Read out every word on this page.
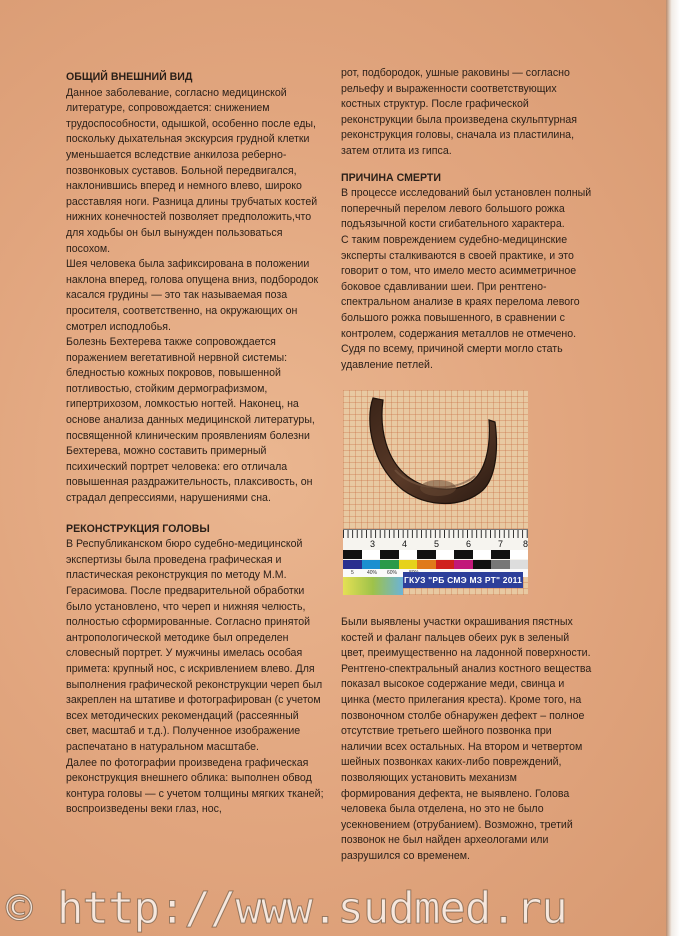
ОБЩИЙ ВНЕШНИЙ ВИД

Данное заболевание, согласно медицинской литературе, сопровождается: снижением трудоспособности, одышкой, особенно после еды, поскольку дыхательная экскурсия грудной клетки уменьшается вследствие анкилоза реберно-позвонковых суставов. Больной передвигался, наклонившись вперед и немного влево, широко расставляя ноги. Разница длины трубчатых костей нижних конечностей позволяет предположить,что для ходьбы он был вынужден пользоваться посохом.

Шея человека была зафиксирована в положении наклона вперед, голова опущена вниз, подбородок касался грудины — это так называемая поза просителя, соответственно, на окружающих он смотрел исподлобья.

Болезнь Бехтерева также сопровождается поражением вегетативной нервной системы: бледностью кожных покровов, повышенной потливостью, стойким дермографизмом, гипертрихозом, ломкостью ногтей. Наконец, на основе анализа данных медицинской литературы, посвященной клиническим проявлениям болезни Бехтерева, можно составить примерный психический портрет человека: его отличала повышенная раздражительность, плаксивость, он страдал депрессиями, нарушениями сна.

РЕКОНСТРУКЦИЯ ГОЛОВЫ

В Республиканском бюро судебно-медицинской экспертизы была проведена графическая и пластическая реконструкция по методу М.М. Герасимова. После предварительной обработки было установлено, что череп и нижняя челюсть, полностью сформированные. Согласно принятой антропологической методике был определен словесный портрет. У мужчины имелась особая примета: крупный нос, с искривлением влево. Для выполнения графической реконструкции череп был закреплен на штативе и фотографирован (с учетом всех методических рекомендаций (рассеянный свет, масштаб и т.д.). Полученное изображение распечатано в натуральном масштабе.

Далее по фотографии произведена графическая реконструкция внешнего облика: выполнен обвод контура головы — с учетом толщины мягких тканей; воспроизведены веки глаз, нос,

рот, подбородок, ушные раковины — согласно рельефу и выраженности соответствующих костных структур. После графической реконструкции была произведена скульптурная реконструкция головы, сначала из пластилина, затем отлита из гипса.

ПРИЧИНА СМЕРТИ

В процессе исследований был установлен полный поперечный перелом левого большого рожка подъязычной кости сгибательного характера.

С таким повреждением судебно-медицинские эксперты сталкиваются в своей практике, и это говорит о том, что имело место асимметричное боковое сдавливании шеи. При рентгено-спектральном анализе в краях перелома левого большого рожка повышенного, в сравнении с контролем, содержания металлов не отмечено. Судя по всему, причиной смерти могло стать удавление петлей.

3	4	5	6	7 8
5	40% 60%
ГКУЗ "РБ СМЭ МЗ РТ" 2011

Были выявлены участки окрашивания пястных костей и фаланг пальцев обеих рук в зеленый цвет, преимущественно на ладонной поверхности. Рентгено-спектральный анализ костного вещества показал высокое содержание меди, свинца и цинка (место прилегания креста). Кроме того, на позвоночном столбе обнаружен дефект – полное отсутствие третьего шейного позвонка при наличии всех остальных. На втором и четвертом шейных позвонках каких-либо повреждений, позволяющих установить механизм формирования дефекта, не выявлено. Голова человека была отделена, но это не было усекновением (отрубанием). Возможно, третий позвонок не был найден археологами или разрушился со временем.

© http://www.sudmed.ru
